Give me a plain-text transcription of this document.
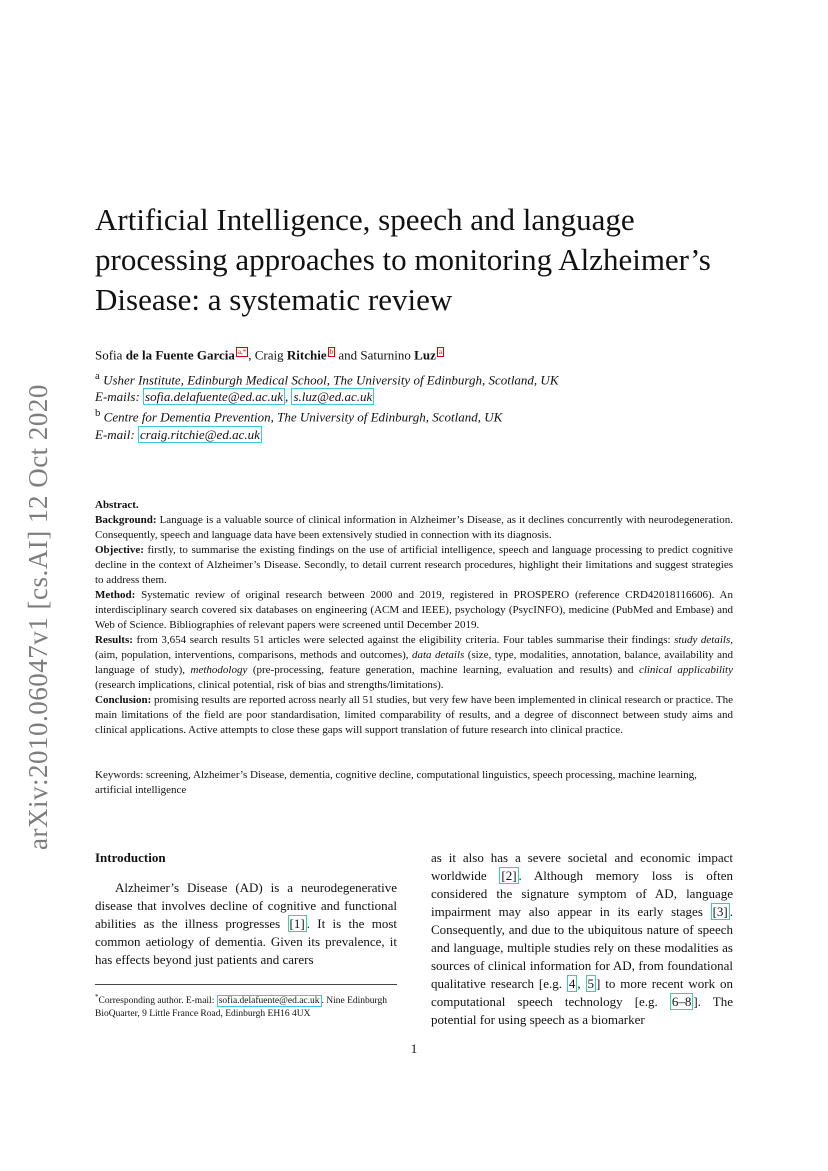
arXiv:2010.06047v1 [cs.AI] 12 Oct 2020
Artificial Intelligence, speech and language processing approaches to monitoring Alzheimer’s Disease: a systematic review
Sofia de la Fuente Garcia a,* , Craig Ritchie b and Saturnino Luz a
$^a$ Usher Institute, Edinburgh Medical School, The University of Edinburgh, Scotland, UK
E-mails: sofia.delafuente@ed.ac.uk , s.luz@ed.ac.uk
$^b$ Centre for Dementia Prevention, The University of Edinburgh, Scotland, UK
E-mail: craig.ritchie@ed.ac.uk

Abstract.

Background: Language is a valuable source of clinical information in Alzheimer’s Disease, as it declines concurrently with neurodegeneration. Consequently, speech and language data have been extensively studied in connection with its diagnosis.

Objective: firstly, to summarise the existing findings on the use of artificial intelligence, speech and language processing to predict cognitive decline in the context of Alzheimer’s Disease. Secondly, to detail current research procedures, highlight their limitations and suggest strategies to address them.

Method: Systematic review of original research between 2000 and 2019, registered in PROSPERO (reference CRD42018116606). An interdisciplinary search covered six databases on engineering (ACM and IEEE), psychology (PsycINFO), medicine (PubMed and Embase) and Web of Science. Bibliographies of relevant papers were screened until December 2019.

Results: from 3,654 search results 51 articles were selected against the eligibility criteria. Four tables summarise their findings: study details, (aim, population, interventions, comparisons, methods and outcomes), data details (size, type, modalities, annotation, balance, availability and language of study), methodology (pre-processing, feature generation, machine learning, evaluation and results) and clinical applicability (research implications, clinical potential, risk of bias and strengths/limitations).

Conclusion: promising results are reported across nearly all 51 studies, but very few have been implemented in clinical research or practice. The main limitations of the field are poor standardisation, limited comparability of results, and a degree of disconnect between study aims and clinical applications. Active attempts to close these gaps will support translation of future research into clinical practice.

Keywords: screening, Alzheimer’s Disease, dementia, cognitive decline, computational linguistics, speech processing, machine learning, artificial intelligence
Introduction

Alzheimer’s Disease (AD) is a neurodegenerative disease that involves decline of cognitive and functional abilities as the illness progresses [1] . It is the most common aetiology of dementia. Given its prevalence, it has effects beyond just patients and carers

as it also has a severe societal and economic impact worldwide [2] . Although memory loss is often considered the signature symptom of AD, language impairment may also appear in its early stages [3] . Consequently, and due to the ubiquitous nature of speech and language, multiple studies rely on these modalities as sources of clinical information for AD, from foundational qualitative research [e.g. 4 , 5 ] to more recent work on computational speech technology [e.g. 6–8 ]. The potential for using speech as a biomarker
*Corresponding author. E-mail: sofia.delafuente@ed.ac.uk . Nine Edinburgh BioQuarter, 9 Little France Road, Edinburgh EH16 4UX
1
